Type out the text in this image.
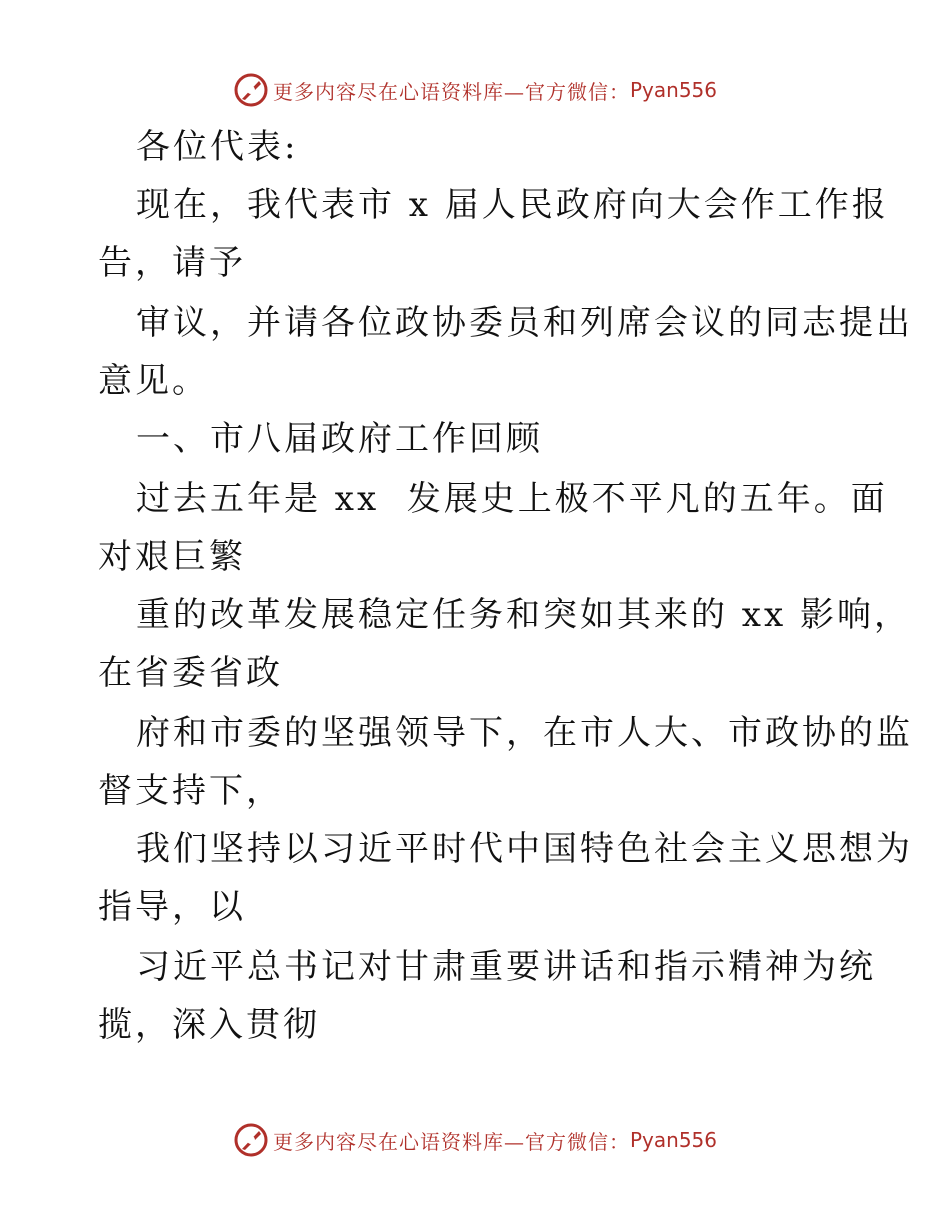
更多内容尽在心语资料库—官方微信： Pyan556
各位代表:
现在，我代表市 x 届人民政府向大会作工作报
告，请予
审议，并请各位政协委员和列席会议的同志提出
意见。
一、市八届政府工作回顾
过去五年是 xx  发展史上极不平凡的五年。面
对艰巨繁
重的改革发展稳定任务和突如其来的 xx 影响，
在省委省政
府和市委的坚强领导下，在市人大、市政协的监
督支持下，
我们坚持以习近平时代中国特色社会主义思想为
指导，以
习近平总书记对甘肃重要讲话和指示精神为统
揽，深入贯彻
更多内容尽在心语资料库—官方微信： Pyan556
